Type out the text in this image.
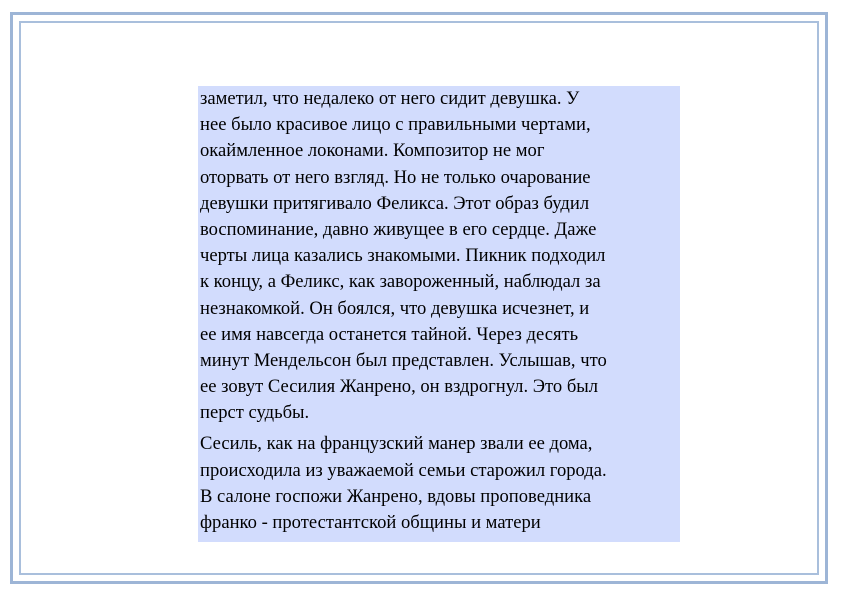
заметил, что недалеко от него сидит девушка. У
нее было красивое лицо с правильными чертами,
окаймленное локонами. Композитор не мог
оторвать от него взгляд. Но не только очарование
девушки притягивало Феликса. Этот образ будил
воспоминание, давно живущее в его сердце. Даже
черты лица казались знакомыми. Пикник подходил
к концу, а Феликс, как завороженный, наблюдал за
незнакомкой. Он боялся, что девушка исчезнет, и
ее имя навсегда останется тайной. Через десять
минут Мендельсон был представлен. Услышав, что
ее зовут Сесилия Жанрено, он вздрогнул. Это был
перст судьбы.

Сесиль, как на французский манер звали ее дома,
происходила из уважаемой семьи старожил города.
В салоне госпожи Жанрено, вдовы проповедника
франко - протестантской общины и матери
